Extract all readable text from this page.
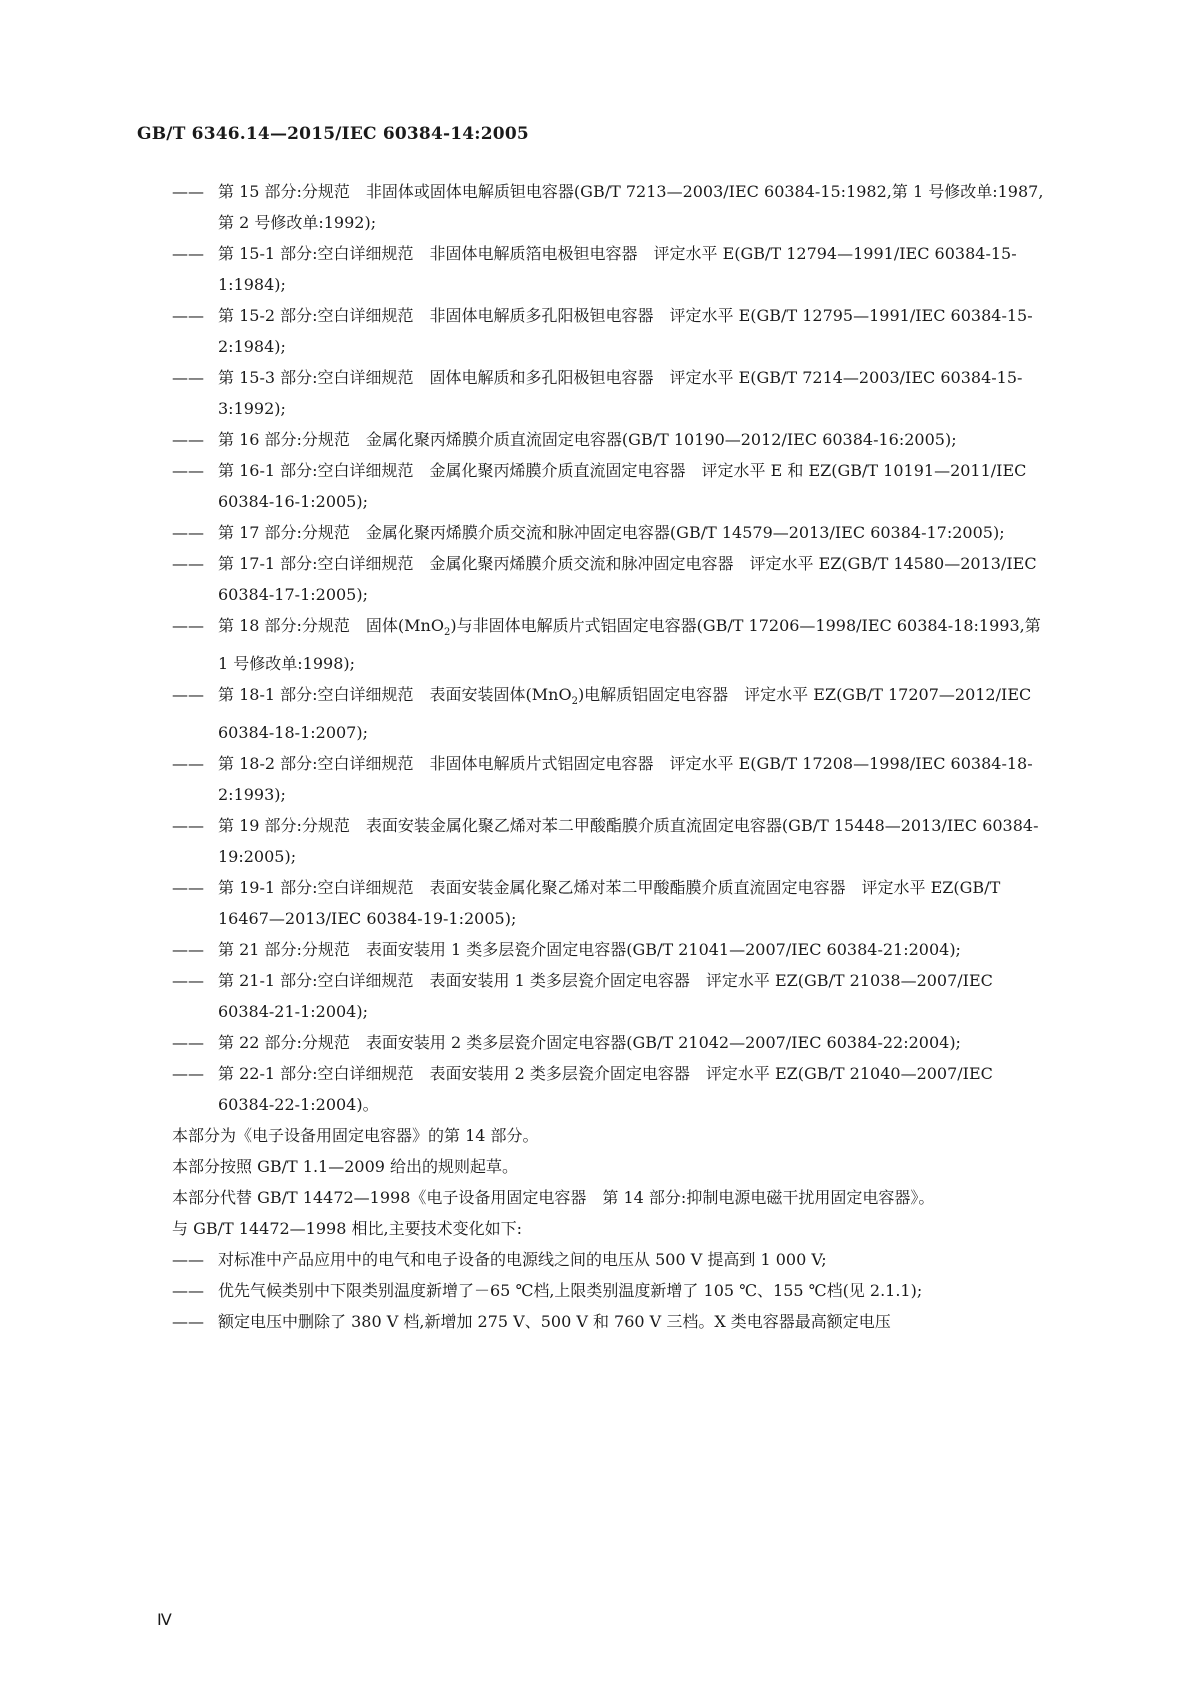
GB/T 6346.14—2015/IEC 60384-14:2005

—— 第 15 部分:分规范　非固体或固体电解质钽电容器(GB/T 7213—2003/IEC 60384-15:1982,第 1 号修改单:1987,第 2 号修改单:1992);

—— 第 15-1 部分:空白详细规范　非固体电解质箔电极钽电容器　评定水平 E(GB/T 12794—1991/IEC 60384-15-1:1984);

—— 第 15-2 部分:空白详细规范　非固体电解质多孔阳极钽电容器　评定水平 E(GB/T 12795—1991/IEC 60384-15-2:1984);

—— 第 15-3 部分:空白详细规范　固体电解质和多孔阳极钽电容器　评定水平 E(GB/T 7214—2003/IEC 60384-15-3:1992);

—— 第 16 部分:分规范　金属化聚丙烯膜介质直流固定电容器(GB/T 10190—2012/IEC 60384-16:2005);

—— 第 16-1 部分:空白详细规范　金属化聚丙烯膜介质直流固定电容器　评定水平 E 和 EZ(GB/T 10191—2011/IEC 60384-16-1:2005);

—— 第 17 部分:分规范　金属化聚丙烯膜介质交流和脉冲固定电容器(GB/T 14579—2013/IEC 60384-17:2005);

—— 第 17-1 部分:空白详细规范　金属化聚丙烯膜介质交流和脉冲固定电容器　评定水平 EZ(GB/T 14580—2013/IEC 60384-17-1:2005);

—— 第 18 部分:分规范　固体(MnO$_2$)与非固体电解质片式铝固定电容器(GB/T 17206—1998/IEC 60384-18:1993,第 1 号修改单:1998);

—— 第 18-1 部分:空白详细规范　表面安装固体(MnO$_2$)电解质铝固定电容器　评定水平 EZ(GB/T 17207—2012/IEC 60384-18-1:2007);

—— 第 18-2 部分:空白详细规范　非固体电解质片式铝固定电容器　评定水平 E(GB/T 17208—1998/IEC 60384-18-2:1993);

—— 第 19 部分:分规范　表面安装金属化聚乙烯对苯二甲酸酯膜介质直流固定电容器(GB/T 15448—2013/IEC 60384-19:2005);

—— 第 19-1 部分:空白详细规范　表面安装金属化聚乙烯对苯二甲酸酯膜介质直流固定电容器　评定水平 EZ(GB/T 16467—2013/IEC 60384-19-1:2005);

—— 第 21 部分:分规范　表面安装用 1 类多层瓷介固定电容器(GB/T 21041—2007/IEC 60384-21:2004);

—— 第 21-1 部分:空白详细规范　表面安装用 1 类多层瓷介固定电容器　评定水平 EZ(GB/T 21038—2007/IEC 60384-21-1:2004);

—— 第 22 部分:分规范　表面安装用 2 类多层瓷介固定电容器(GB/T 21042—2007/IEC 60384-22:2004);

—— 第 22-1 部分:空白详细规范　表面安装用 2 类多层瓷介固定电容器　评定水平 EZ(GB/T 21040—2007/IEC 60384-22-1:2004)。

本部分为《电子设备用固定电容器》的第 14 部分。

本部分按照 GB/T 1.1—2009 给出的规则起草。

本部分代替 GB/T 14472—1998《电子设备用固定电容器　第 14 部分:抑制电源电磁干扰用固定电容器》。

与 GB/T 14472—1998 相比,主要技术变化如下:

—— 对标准中产品应用中的电气和电子设备的电源线之间的电压从 500 V 提高到 1 000 V;

—— 优先气候类别中下限类别温度新增了－65 ℃档,上限类别温度新增了 105 ℃、155 ℃档(见 2.1.1);

—— 额定电压中删除了 380 V 档,新增加 275 V、500 V 和 760 V 三档。X 类电容器最高额定电压

Ⅳ
